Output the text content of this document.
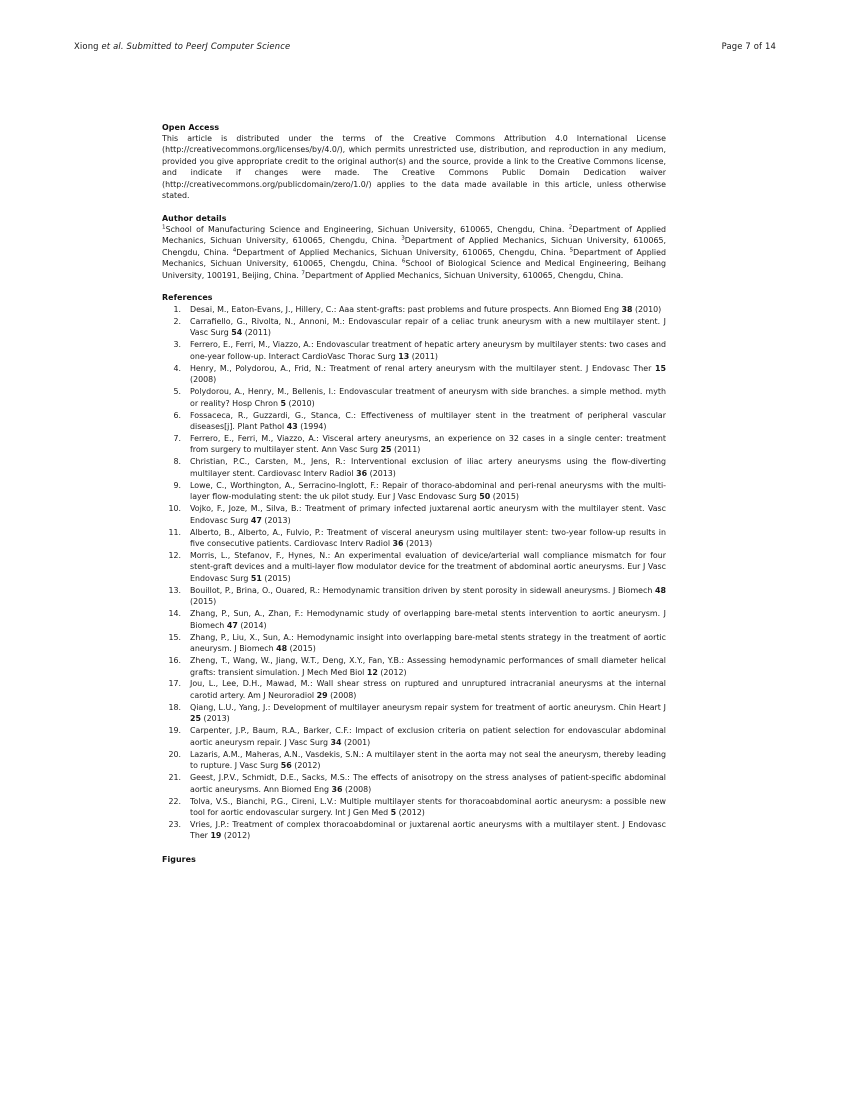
Xiong et al. Submitted to PeerJ Computer Science	Page 7 of 14
Open Access

This article is distributed under the terms of the Creative Commons Attribution 4.0 International License (http://creativecommons.org/licenses/by/4.0/), which permits unrestricted use, distribution, and reproduction in any medium, provided you give appropriate credit to the original author(s) and the source, provide a link to the Creative Commons license, and indicate if changes were made. The Creative Commons Public Domain Dedication waiver (http://creativecommons.org/publicdomain/zero/1.0/) applies to the data made available in this article, unless otherwise stated.

Author details

$^1$School of Manufacturing Science and Engineering, Sichuan University, 610065, Chengdu, China. $^2$Department of Applied Mechanics, Sichuan University, 610065, Chengdu, China. $^3$Department of Applied Mechanics, Sichuan University, 610065, Chengdu, China. $^4$Department of Applied Mechanics, Sichuan University, 610065, Chengdu, China. $^5$Department of Applied Mechanics, Sichuan University, 610065, Chengdu, China. $^6$School of Biological Science and Medical Engineering, Beihang University, 100191, Beijing, China. $^7$Department of Applied Mechanics, Sichuan University, 610065, Chengdu, China.

References
Desai, M., Eaton-Evans, J., Hillery, C.: Aaa stent-grafts: past problems and future prospects. Ann Biomed Eng 38 (2010)
Carrafiello, G., Rivolta, N., Annoni, M.: Endovascular repair of a celiac trunk aneurysm with a new multilayer stent. J Vasc Surg 54 (2011)
Ferrero, E., Ferri, M., Viazzo, A.: Endovascular treatment of hepatic artery aneurysm by multilayer stents: two cases and one-year follow-up. Interact CardioVasc Thorac Surg 13 (2011)
Henry, M., Polydorou, A., Frid, N.: Treatment of renal artery aneurysm with the multilayer stent. J Endovasc Ther 15 (2008)
Polydorou, A., Henry, M., Bellenis, I.: Endovascular treatment of aneurysm with side branches. a simple method. myth or reality? Hosp Chron 5 (2010)
Fossaceca, R., Guzzardi, G., Stanca, C.: Effectiveness of multilayer stent in the treatment of peripheral vascular diseases[j]. Plant Pathol 43 (1994)
Ferrero, E., Ferri, M., Viazzo, A.: Visceral artery aneurysms, an experience on 32 cases in a single center: treatment from surgery to multilayer stent. Ann Vasc Surg 25 (2011)
Christian, P.C., Carsten, M., Jens, R.: Interventional exclusion of iliac artery aneurysms using the flow-diverting multilayer stent. Cardiovasc Interv Radiol 36 (2013)
Lowe, C., Worthington, A., Serracino-Inglott, F.: Repair of thoraco-abdominal and peri-renal aneurysms with the multi-layer flow-modulating stent: the uk pilot study. Eur J Vasc Endovasc Surg 50 (2015)
Vojko, F., Joze, M., Silva, B.: Treatment of primary infected juxtarenal aortic aneurysm with the multilayer stent. Vasc Endovasc Surg 47 (2013)
Alberto, B., Alberto, A., Fulvio, P.: Treatment of visceral aneurysm using multilayer stent: two-year follow-up results in five consecutive patients. Cardiovasc Interv Radiol 36 (2013)
Morris, L., Stefanov, F., Hynes, N.: An experimental evaluation of device/arterial wall compliance mismatch for four stent-graft devices and a multi-layer flow modulator device for the treatment of abdominal aortic aneurysms. Eur J Vasc Endovasc Surg 51 (2015)
Bouillot, P., Brina, O., Ouared, R.: Hemodynamic transition driven by stent porosity in sidewall aneurysms. J Biomech 48 (2015)
Zhang, P., Sun, A., Zhan, F.: Hemodynamic study of overlapping bare-metal stents intervention to aortic aneurysm. J Biomech 47 (2014)
Zhang, P., Liu, X., Sun, A.: Hemodynamic insight into overlapping bare-metal stents strategy in the treatment of aortic aneurysm. J Biomech 48 (2015)
Zheng, T., Wang, W., Jiang, W.T., Deng, X.Y., Fan, Y.B.: Assessing hemodynamic performances of small diameter helical grafts: transient simulation. J Mech Med Biol 12 (2012)
Jou, L., Lee, D.H., Mawad, M.: Wall shear stress on ruptured and unruptured intracranial aneurysms at the internal carotid artery. Am J Neuroradiol 29 (2008)
Qiang, L.U., Yang, J.: Development of multilayer aneurysm repair system for treatment of aortic aneurysm. Chin Heart J 25 (2013)
Carpenter, J.P., Baum, R.A., Barker, C.F.: Impact of exclusion criteria on patient selection for endovascular abdominal aortic aneurysm repair. J Vasc Surg 34 (2001)
Lazaris, A.M., Maheras, A.N., Vasdekis, S.N.: A multilayer stent in the aorta may not seal the aneurysm, thereby leading to rupture. J Vasc Surg 56 (2012)
Geest, J.P.V., Schmidt, D.E., Sacks, M.S.: The effects of anisotropy on the stress analyses of patient-specific abdominal aortic aneurysms. Ann Biomed Eng 36 (2008)
Tolva, V.S., Bianchi, P.G., Cireni, L.V.: Multiple multilayer stents for thoracoabdominal aortic aneurysm: a possible new tool for aortic endovascular surgery. Int J Gen Med 5 (2012)
Vries, J.P.: Treatment of complex thoracoabdominal or juxtarenal aortic aneurysms with a multilayer stent. J Endovasc Ther 19 (2012)
Figures
